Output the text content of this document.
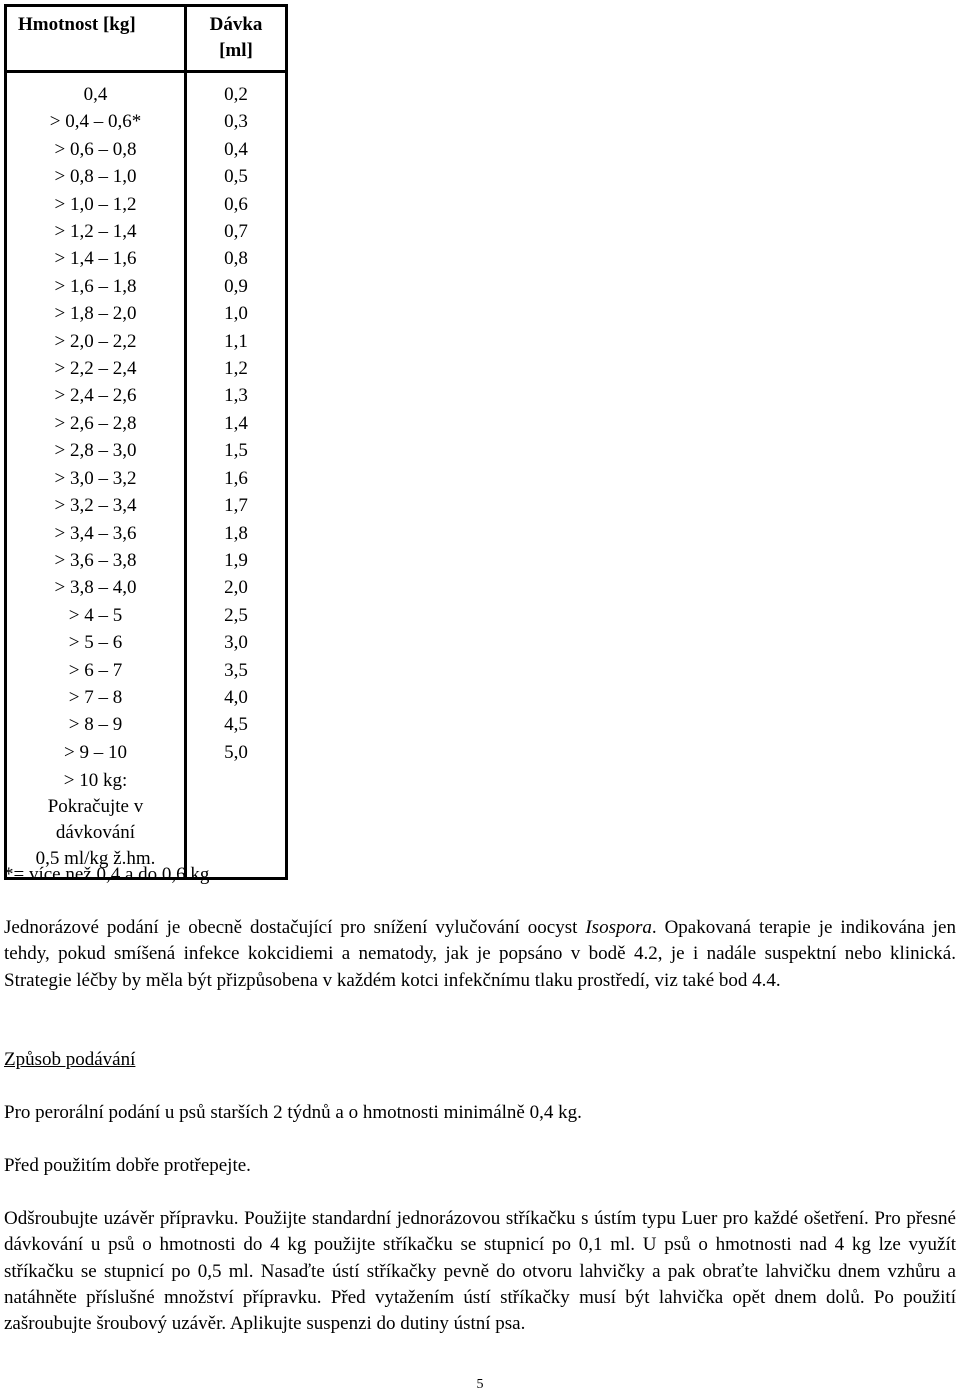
Hmotnost [kg]	Dávka
[ml]
0,4	0,2
> 0,4 – 0,6*	0,3
> 0,6 – 0,8	0,4
> 0,8 – 1,0	0,5
> 1,0 – 1,2	0,6
> 1,2 – 1,4	0,7
> 1,4 – 1,6	0,8
> 1,6 – 1,8	0,9
> 1,8 – 2,0	1,0
> 2,0 – 2,2	1,1
> 2,2 – 2,4	1,2
> 2,4 – 2,6	1,3
> 2,6 – 2,8	1,4
> 2,8 – 3,0	1,5
> 3,0 – 3,2	1,6
> 3,2 – 3,4	1,7
> 3,4 – 3,6	1,8
> 3,6 – 3,8	1,9
> 3,8 – 4,0	2,0
> 4 – 5	2,5
> 5 – 6	3,0
> 6 – 7	3,5
> 7 – 8	4,0
> 8 – 9	4,5
> 9 – 10	5,0
> 10 kg:
Pokračujte v dávkování
0,5 ml/kg ž.hm.	
*= více než 0,4 a do 0,6 kg
Jednorázové podání je obecně dostačující pro snížení vylučování oocyst Isospora. Opakovaná terapie je indikována jen tehdy, pokud smíšená infekce kokcidiemi a nematody, jak je popsáno v bodě 4.2, je i nadále suspektní nebo klinická. Strategie léčby by měla být přizpůsobena v každém kotci infekčnímu tlaku prostředí, viz také bod 4.4.
Způsob podávání
Pro perorální podání u psů starších 2 týdnů a o hmotnosti minimálně 0,4 kg.
Před použitím dobře protřepejte.
Odšroubujte uzávěr přípravku. Použijte standardní jednorázovou stříkačku s ústím typu Luer pro každé ošetření. Pro přesné dávkování u psů o hmotnosti do 4 kg použijte stříkačku se stupnicí po 0,1 ml. U psů o hmotnosti nad 4 kg lze využít stříkačku se stupnicí po 0,5 ml. Nasaďte ústí stříkačky pevně do otvoru lahvičky a pak obraťte lahvičku dnem vzhůru a natáhněte příslušné množství přípravku. Před vytažením ústí stříkačky musí být lahvička opět dnem dolů. Po použití zašroubujte šroubový uzávěr. Aplikujte suspenzi do dutiny ústní psa.
5
